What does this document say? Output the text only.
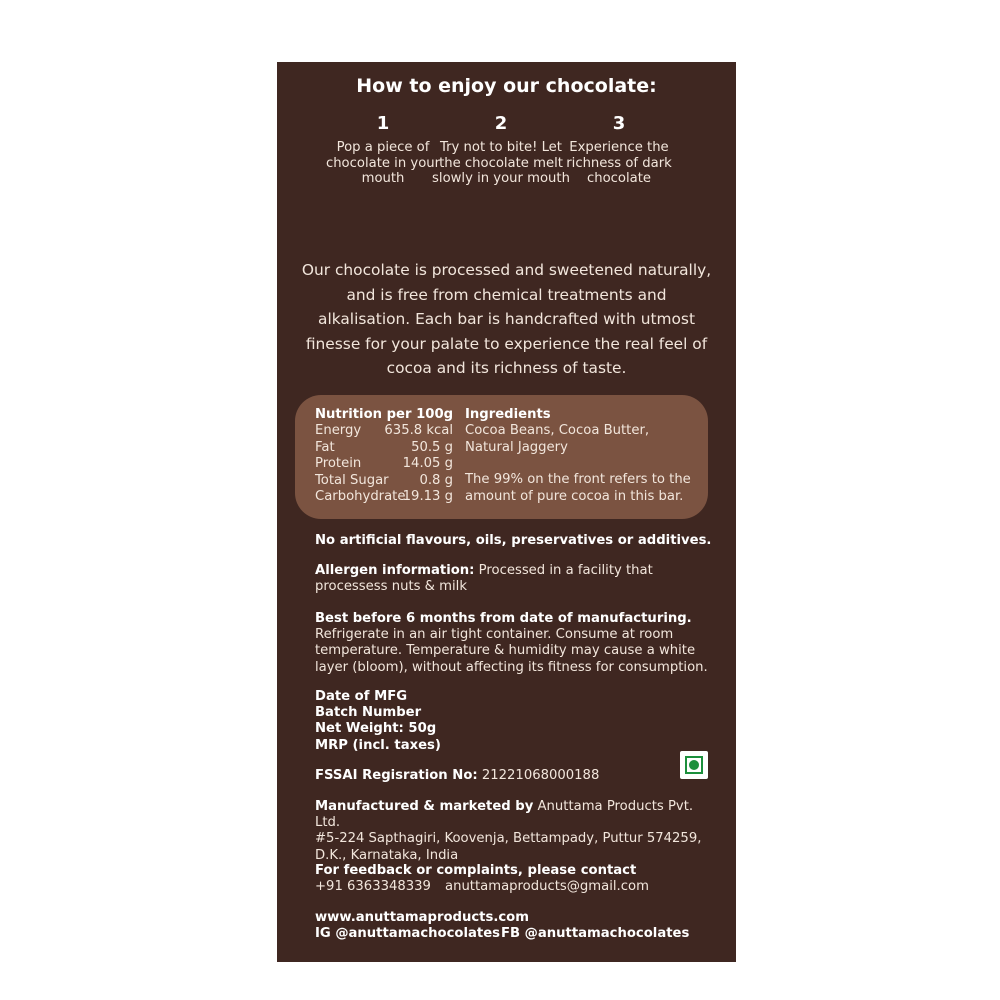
How to enjoy our chocolate:
1
Pop a piece of chocolate in your mouth
2
Try not to bite! Let the chocolate melt slowly in your mouth
3
Experience the richness of dark chocolate
Our chocolate is processed and sweetened naturally, and is free from chemical treatments and alkalisation. Each bar is handcrafted with utmost finesse for your palate to experience the real feel of cocoa and its richness of taste.
Nutrition per 100g
Energy 635.8 kcal
Fat	50.5 g
Protein	14.05 g
Total Sugar 0.8 g
Carbohydrate
19.13 g
Ingredients
Cocoa Beans, Cocoa Butter, Natural Jaggery
The 99% on the front refers to the amount of pure cocoa in this bar.
No artificial flavours, oils, preservatives or additives.
Allergen information: Processed in a facility that processess nuts & milk
Best before 6 months from date of manufacturing.
Refrigerate in an air tight container. Consume at room temperature. Temperature & humidity may cause a white layer (bloom), without affecting its fitness for consumption.
Date of MFG
Batch Number
Net Weight: 50g
MRP (incl. taxes)
FSSAI Regisration No: 21221068000188
Manufactured & marketed by Anuttama Products Pvt. Ltd.
#5-224 Sapthagiri, Koovenja, Bettampady, Puttur 574259, D.K., Karnataka, India
For feedback or complaints, please contact
+91 6363348339 anuttamaproducts@gmail.com
www.anuttamaproducts.com
IG @anuttamachocolates FB @anuttamachocolates
